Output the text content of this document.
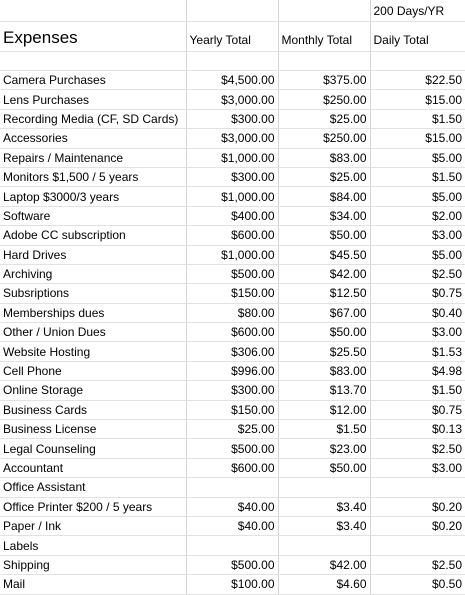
			200 Days/YR
Expenses	Yearly Total	Monthly Total	Daily Total

Camera Purchases	$4,500.00	$375.00	$22.50
Lens Purchases	$3,000.00	$250.00	$15.00
Recording Media (CF, SD Cards)	$300.00	$25.00	$1.50
Accessories	$3,000.00	$250.00	$15.00
Repairs / Maintenance	$1,000.00	$83.00	$5.00
Monitors $1,500 / 5 years	$300.00	$25.00	$1.50
Laptop $3000/3 years	$1,000.00	$84.00	$5.00
Software	$400.00	$34.00	$2.00
Adobe CC subscription	$600.00	$50.00	$3.00
Hard Drives	$1,000.00	$45.50	$5.00
Archiving	$500.00	$42.00	$2.50
Subsriptions	$150.00	$12.50	$0.75
Memberships dues	$80.00	$67.00	$0.40
Other / Union Dues	$600.00	$50.00	$3.00
Website Hosting	$306.00	$25.50	$1.53
Cell Phone	$996.00	$83.00	$4.98
Online Storage	$300.00	$13.70	$1.50
Business Cards	$150.00	$12.00	$0.75
Business License	$25.00	$1.50	$0.13
Legal Counseling	$500.00	$23.00	$2.50
Accountant	$600.00	$50.00	$3.00
Office Assistant			
Office Printer $200 / 5 years	$40.00	$3.40	$0.20
Paper / Ink	$40.00	$3.40	$0.20
Labels			
Shipping	$500.00	$42.00	$2.50
Mail	$100.00	$4.60	$0.50
